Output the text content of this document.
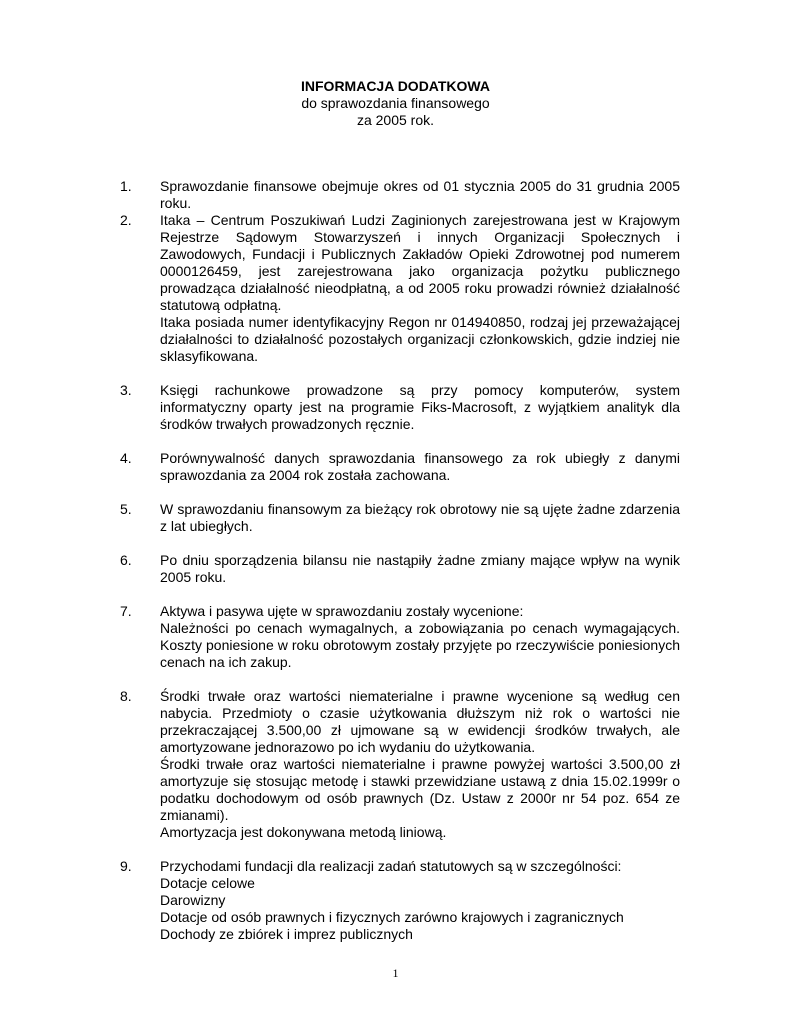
INFORMACJA DODATKOWA
do sprawozdania finansowego
za 2005 rok.
1.	Sprawozdanie finansowe obejmuje okres od 01 stycznia 2005 do 31 grudnia 2005 roku.

2.	Itaka – Centrum Poszukiwań Ludzi Zaginionych zarejestrowana jest w Krajowym Rejestrze Sądowym Stowarzyszeń i innych Organizacji Społecznych i Zawodowych, Fundacji i Publicznych Zakładów Opieki Zdrowotnej pod numerem 0000126459, jest zarejestrowana jako organizacja pożytku publicznego prowadząca działalność nieodpłatną, a od 2005 roku prowadzi również działalność statutową odpłatną.

Itaka posiada numer identyfikacyjny Regon nr 014940850, rodzaj jej przeważającej działalności to działalność pozostałych organizacji członkowskich, gdzie indziej nie sklasyfikowana.

3.	Księgi rachunkowe prowadzone są przy pomocy komputerów, system informatyczny oparty jest na programie Fiks-Macrosoft, z wyjątkiem analityk dla środków trwałych prowadzonych ręcznie.

4.	Porównywalność danych sprawozdania finansowego za rok ubiegły z danymi sprawozdania za 2004 rok została zachowana.

5.	W sprawozdaniu finansowym za bieżący rok obrotowy nie są ujęte żadne zdarzenia z lat ubiegłych.

6.	Po dniu sporządzenia bilansu nie nastąpiły żadne zmiany mające wpływ na wynik 2005 roku.

7.	Aktywa i pasywa ujęte w sprawozdaniu zostały wycenione:

Należności po cenach wymagalnych, a zobowiązania po cenach wymagających. Koszty poniesione w roku obrotowym zostały przyjęte po rzeczywiście poniesionych cenach na ich zakup.

8.	Środki trwałe oraz wartości niematerialne i prawne wycenione są według cen nabycia. Przedmioty o czasie użytkowania dłuższym niż rok o wartości nie przekraczającej 3.500,00 zł ujmowane są w ewidencji środków trwałych, ale amortyzowane jednorazowo po ich wydaniu do użytkowania.

Środki trwałe oraz wartości niematerialne i prawne powyżej wartości 3.500,00 zł amortyzuje się stosując metodę i stawki przewidziane ustawą z dnia 15.02.1999r o podatku dochodowym od osób prawnych (Dz. Ustaw z 2000r nr 54 poz. 654 ze zmianami).

Amortyzacja jest dokonywana metodą liniową.

9.	Przychodami fundacji dla realizacji zadań statutowych są w szczególności:

Dotacje celowe

Darowizny

Dotacje od osób prawnych i fizycznych zarówno krajowych i zagranicznych

Dochody ze zbiórek i imprez publicznych

1
